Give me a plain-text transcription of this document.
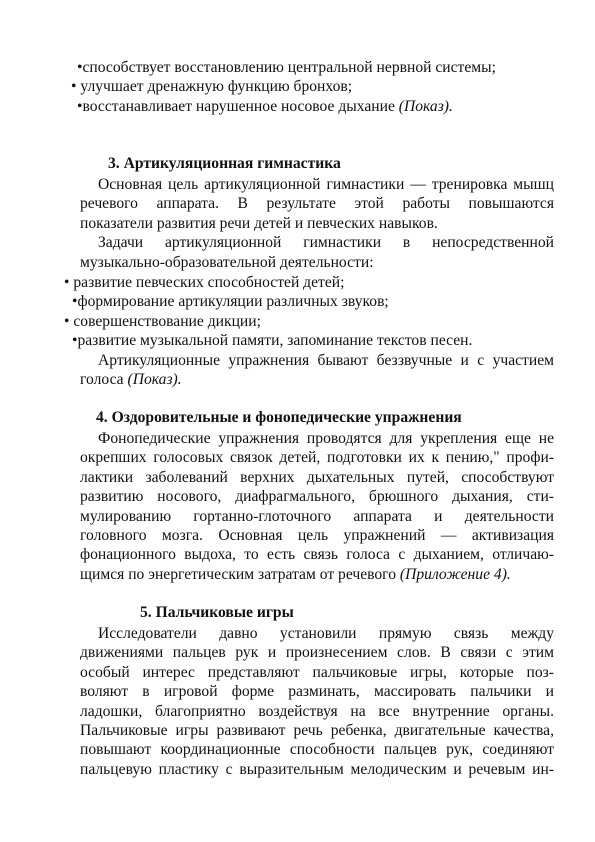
•способствует восстановлению центральной нервной системы;
• улучшает дренажную функцию бронхов;
•восстанавливает нарушенное носовое дыхание (Показ).
3. Артикуляционная гимнастика
Основная цель артикуляционной гимнастики — тренировка мышц
речевого аппарата. В результате этой работы повышаются
показатели развития речи детей и певческих навыков.
Задачи артикуляционной гимнастики в непосредственной
музыкально-образовательной деятельности:
• развитие певческих способностей детей;
•формирование артикуляции различных звуков;
• совершенствование дикции;
•развитие музыкальной памяти, запоминание текстов песен.
Артикуляционные упражнения бывают беззвучные и с участием
голоса (Показ).
4. Оздоровительные и фонопедические упражнения
Фонопедические упражнения проводятся для укрепления еще не
окрепших голосовых связок детей, подготовки их к пению," профи-
лактики заболеваний верхних дыхательных путей, способствуют
развитию носового, диафрагмального, брюшного дыхания, сти-
мулированию гортанно-глоточного аппарата и деятельности
головного мозга. Основная цель упражнений — активизация
фонационного выдоха, то есть связь голоса с дыханием, отличаю-
щимся по энергетическим затратам от речевого (Приложение 4).
5. Пальчиковые игры
Исследователи давно установили прямую связь между
движениями пальцев рук и произнесением слов. В связи с этим
особый интерес представляют пальчиковые игры, которые поз-
воляют в игровой форме разминать, массировать пальчики и
ладошки, благоприятно воздействуя на все внутренние органы.
Пальчиковые игры развивают речь ребенка, двигательные качества,
повышают координационные способности пальцев рук, соединяют
пальцевую пластику с выразительным мелодическим и речевым ин-
